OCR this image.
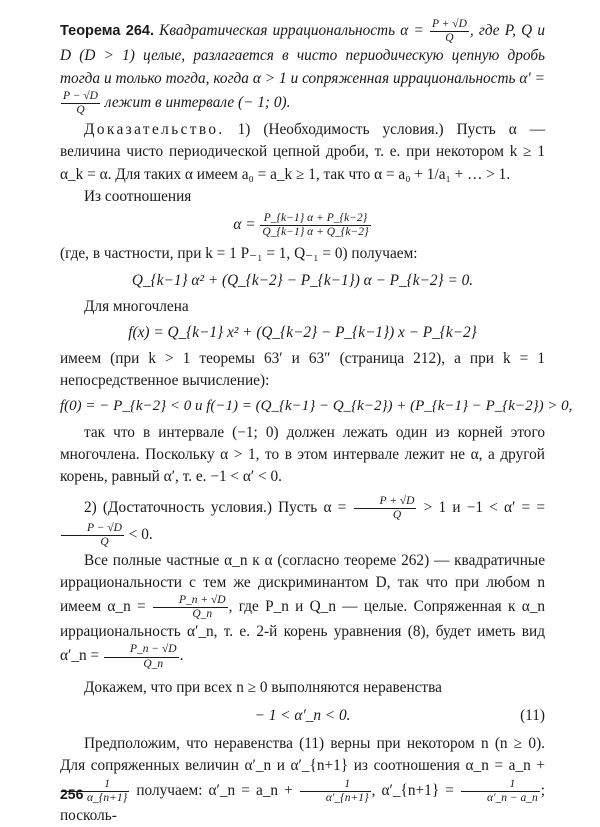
Теорема 264. Квадратическая иррациональность $\alpha = \frac{P + √D}{Q}$ , где P, Q и D (D > 1) целые, разлагается в чисто периодическую цепную дробь тогда и только тогда, когда α > 1 и сопряженная иррациональность α′ =
$\frac{P - √D}{Q}$ лежит в интервале (− 1; 0).

Доказательство. 1) (Необходимость условия.) Пусть α — величина чисто периодической цепной дроби, т. е. при некотором k ≥ 1 α_k = α. Для таких α имеем a₀ = a_k ≥ 1, так что α = a₀ + 1/a₁ + … > 1.

Из соотношения

$\alpha = \frac{P\_\{k-1\} \alpha + P\_\{k-2\}}{Q\_\{k-1\} \alpha + Q\_\{k-2\}}$

(где, в частности, при k = 1 P₋₁ = 1, Q₋₁ = 0) получаем:

Q_{k−1} α² + (Q_{k−2} − P_{k−1}) α − P_{k−2} = 0.

Для многочлена

f(x) = Q_{k−1} x² + (Q_{k−2} − P_{k−1}) x − P_{k−2}

имеем (при k > 1 теоремы 63′ и 63″ (страница 212), а при k = 1 непосредственное вычисление):

f(0) = − P_{k−2} < 0 и f(−1) = (Q_{k−1} − Q_{k−2}) + (P_{k−1} − P_{k−2}) > 0,

так что в интервале (−1; 0) должен лежать один из корней этого многочлена. Поскольку α > 1, то в этом интервале лежит не α, а другой корень, равный α′, т. е. −1 < α′ < 0.

2) (Достаточность условия.) Пусть $\alpha = \frac{P + √D}{Q} > 1$ и −1 < α′ = =
$\frac{P - √D}{Q} < 0$.

Все полные частные α_n к α (согласно теореме 262) — квадратичные иррациональности с тем же дискриминантом D, так что при любом n имеем α_n = $\frac{P\_n + √D}{Q\_n}$ , где P_n и Q_n — целые. Сопряженная к α_n иррациональность α′_n, т. е. 2-й корень уравнения (8), будет иметь вид α′_n = $\frac{P\_n - √D}{Q\_n}$ .

Докажем, что при всех n ≥ 0 выполняются неравенства

− 1 < α′_n < 0.	(11)

Предположим, что неравенства (11) верны при некотором n (n ≥ 0). Для сопряженных величин α′_n и α′_{n+1} из соотношения α_n = a_n +
$\frac{1}{\alpha\_\{n+1\}}$ получаем: α′_n = a_n + $\frac{1}{\alpha'\_\{n+1\}}$ , α′_{n+1} = $\frac{1}{\alpha'\_n - a\_n}$ ; посколь-

256
